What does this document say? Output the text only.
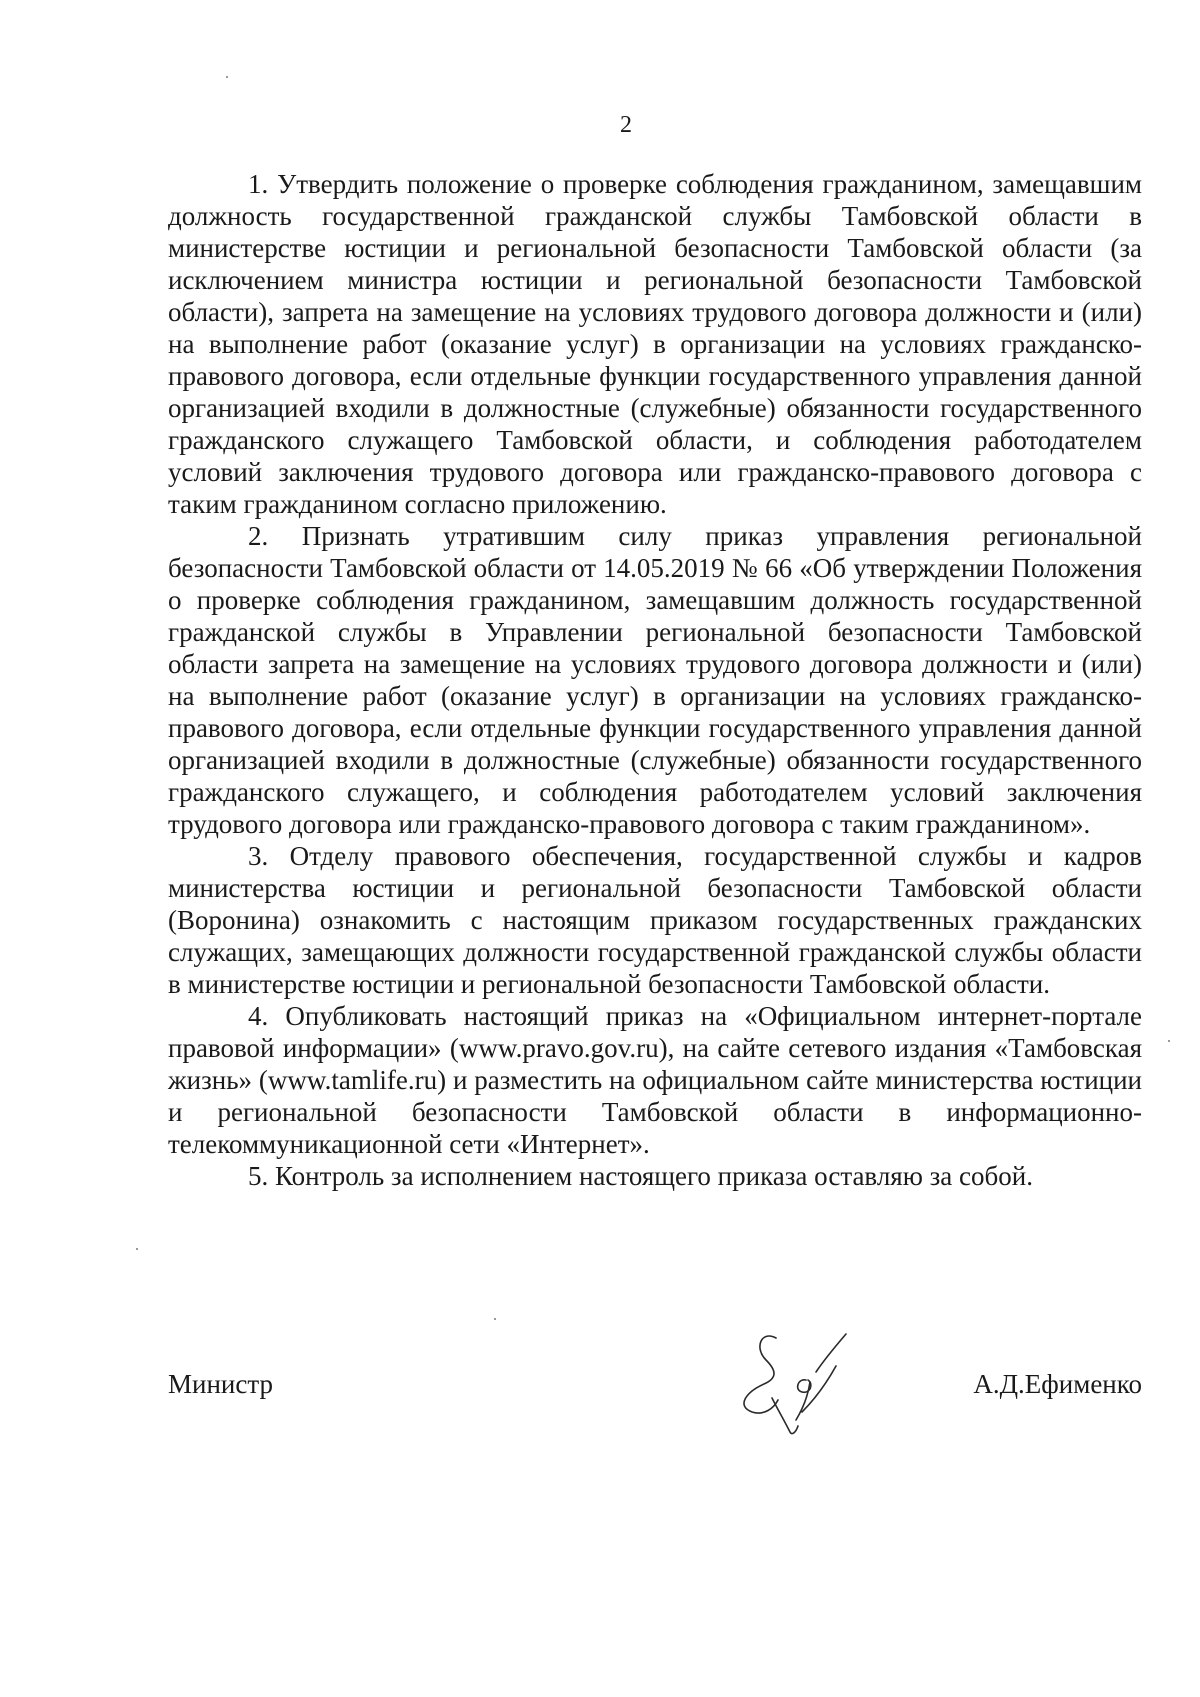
2

1. Утвердить положение о проверке соблюдения гражданином, замещавшим должность государственной гражданской службы Тамбовской области в министерстве юстиции и региональной безопасности Тамбовской области (за исключением министра юстиции и региональной безопасности Тамбовской области), запрета на замещение на условиях трудового договора должности и (или) на выполнение работ (оказание услуг) в организации на условиях гражданско-правового договора, если отдельные функции государственного управления данной организацией входили в должностные (служебные) обязанности государственного гражданского служащего Тамбовской области, и соблюдения работодателем условий заключения трудового договора или гражданско-правового договора с таким гражданином согласно приложению.

2. Признать утратившим силу приказ управления региональной безопасности Тамбовской области от 14.05.2019 № 66 «Об утверждении Положения о проверке соблюдения гражданином, замещавшим должность государственной гражданской службы в Управлении региональной безопасности Тамбовской области запрета на замещение на условиях трудового договора должности и (или) на выполнение работ (оказание услуг) в организации на условиях гражданско-правового договора, если отдельные функции государственного управления данной организацией входили в должностные (служебные) обязанности государственного гражданского служащего, и соблюдения работодателем условий заключения трудового договора или гражданско-правового договора с таким гражданином».

3. Отделу правового обеспечения, государственной службы и кадров министерства юстиции и региональной безопасности Тамбовской области (Воронина) ознакомить с настоящим приказом государственных гражданских служащих, замещающих должности государственной гражданской службы области в министерстве юстиции и региональной безопасности Тамбовской области.

4. Опубликовать настоящий приказ на «Официальном интернет-портале правовой информации» (www.pravo.gov.ru), на сайте сетевого издания «Тамбовская жизнь» (www.tamlife.ru) и разместить на официальном сайте министерства юстиции и региональной безопасности Тамбовской области в информационно- телекоммуникационной сети «Интернет».

5. Контроль за исполнением настоящего приказа оставляю за собой.

Министр	А.Д.Ефименко
